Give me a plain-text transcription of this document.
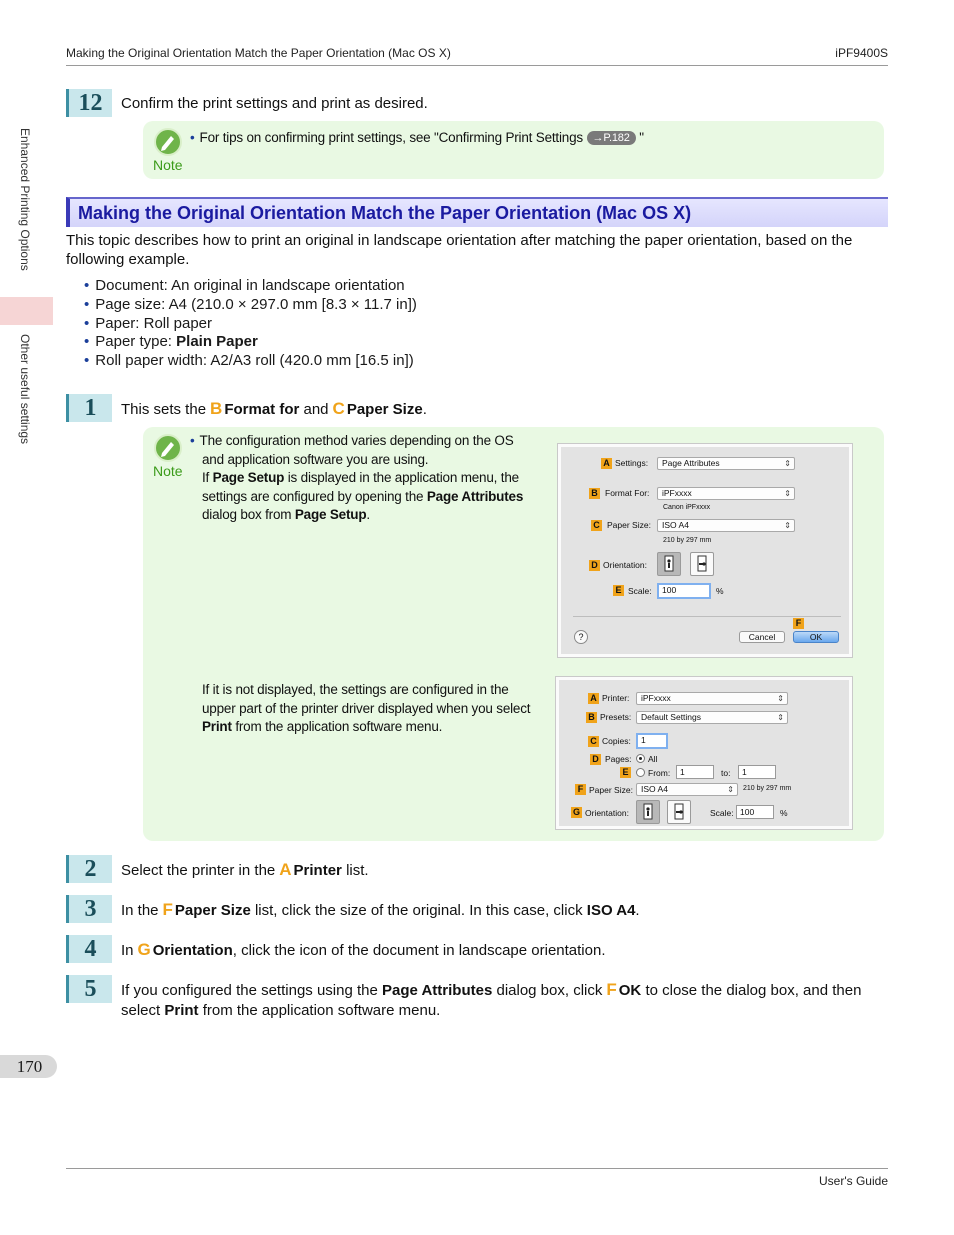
Making the Original Orientation Match the Paper Orientation (Mac OS X)	iPF9400S
Enhanced Printing Options
Other useful settings
12	Confirm the print settings and print as desired.
Note
• For tips on confirming print settings, see "Confirming Print Settings →P.182 "
Making the Original Orientation Match the Paper Orientation (Mac OS X)
This topic describes how to print an original in landscape orientation after matching the paper orientation, based on the following example.
• Document: An original in landscape orientation
• Page size: A4 (210.0 × 297.0 mm [8.3 × 11.7 in])
• Paper: Roll paper
• Paper type: Plain Paper
• Roll paper width: A2/A3 roll (420.0 mm [16.5 in])
1	This sets the B Format for and C Paper Size.
Note
• The configuration method varies depending on the OS and application software you are using.
If Page Setup is displayed in the application menu, the settings are configured by opening the Page Attributes dialog box from Page Setup.
If it is not displayed, the settings are configured in the upper part of the printer driver displayed when you select Print from the application software menu.
A Settings:	Page Attributes ⇕
B Format For:	iPFxxxx ⇕
Canon iPFxxxx
C Paper Size:	ISO A4 ⇕
210 by 297 mm
D Orientation:
E Scale:	100	%
?
F
Cancel	OK
A Printer:	iPFxxxx ⇕
B Presets:	Default Settings ⇕
C Copies:	1
D Pages: All
E From:	1	to:	1
F Paper Size: ISO A4 ⇕	210 by 297 mm
G Orientation:	Scale: 100	%
2	Select the printer in the A Printer list.
3	In the F Paper Size list, click the size of the original. In this case, click ISO A4.
4	In G Orientation, click the icon of the document in landscape orientation.
5	If you configured the settings using the Page Attributes dialog box, click F OK to close the dialog box, and then select Print from the application software menu.
170
User's Guide
